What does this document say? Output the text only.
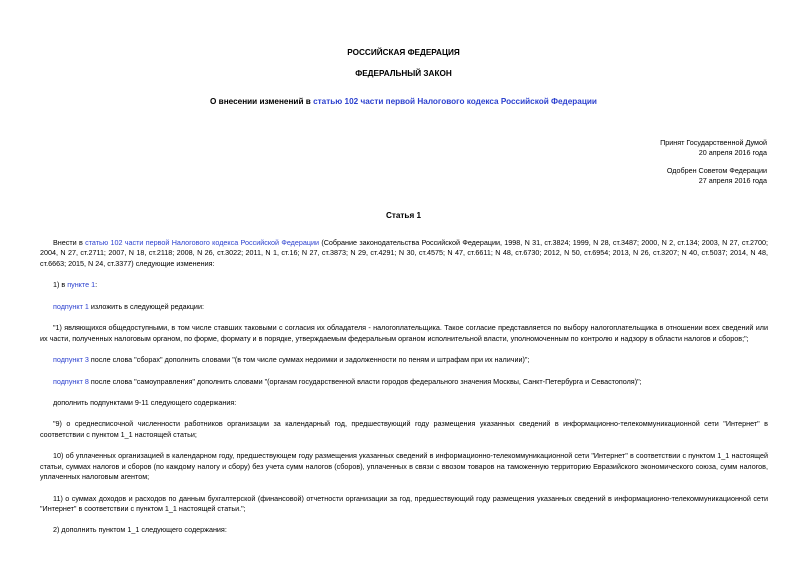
РОССИЙСКАЯ ФЕДЕРАЦИЯ
ФЕДЕРАЛЬНЫЙ ЗАКОН
О внесении изменений в статью 102 части первой Налогового кодекса Российской Федерации
Принят Государственной Думой
20 апреля 2016 года
Одобрен Советом Федерации
27 апреля 2016 года
Статья 1

Внести в статью 102 части первой Налогового кодекса Российской Федерации (Собрание законодательства Российской Федерации, 1998, N 31, ст.3824; 1999, N 28, ст.3487; 2000, N 2, ст.134; 2003, N 27, ст.2700; 2004, N 27, ст.2711; 2007, N 18, ст.2118; 2008, N 26, ст.3022; 2011, N 1, ст.16; N 27, ст.3873; N 29, ст.4291; N 30, ст.4575; N 47, ст.6611; N 48, ст.6730; 2012, N 50, ст.6954; 2013, N 26, ст.3207; N 40, ст.5037; 2014, N 48, ст.6663; 2015, N 24, ст.3377) следующие изменения:

1) в пункте 1:

подпункт 1 изложить в следующей редакции:

"1) являющихся общедоступными, в том числе ставших таковыми с согласия их обладателя - налогоплательщика. Такое согласие представляется по выбору налогоплательщика в отношении всех сведений или их части, полученных налоговым органом, по форме, формату и в порядке, утверждаемым федеральным органом исполнительной власти, уполномоченным по контролю и надзору в области налогов и сборов;";

подпункт 3 после слова "сборах" дополнить словами "(в том числе суммах недоимки и задолженности по пеням и штрафам при их наличии)";

подпункт 8 после слова "самоуправления" дополнить словами "(органам государственной власти городов федерального значения Москвы, Санкт-Петербурга и Севастополя)";

дополнить подпунктами 9-11 следующего содержания:

"9) о среднесписочной численности работников организации за календарный год, предшествующий году размещения указанных сведений в информационно-телекоммуникационной сети "Интернет" в соответствии с пунктом 1_1 настоящей статьи;

10) об уплаченных организацией в календарном году, предшествующем году размещения указанных сведений в информационно-телекоммуникационной сети "Интернет" в соответствии с пунктом 1_1 настоящей статьи, суммах налогов и сборов (по каждому налогу и сбору) без учета сумм налогов (сборов), уплаченных в связи с ввозом товаров на таможенную территорию Евразийского экономического союза, сумм налогов, уплаченных налоговым агентом;

11) о суммах доходов и расходов по данным бухгалтерской (финансовой) отчетности организации за год, предшествующий году размещения указанных сведений в информационно-телекоммуникационной сети "Интернет" в соответствии с пунктом 1_1 настоящей статьи.";

2) дополнить пунктом 1_1 следующего содержания:
